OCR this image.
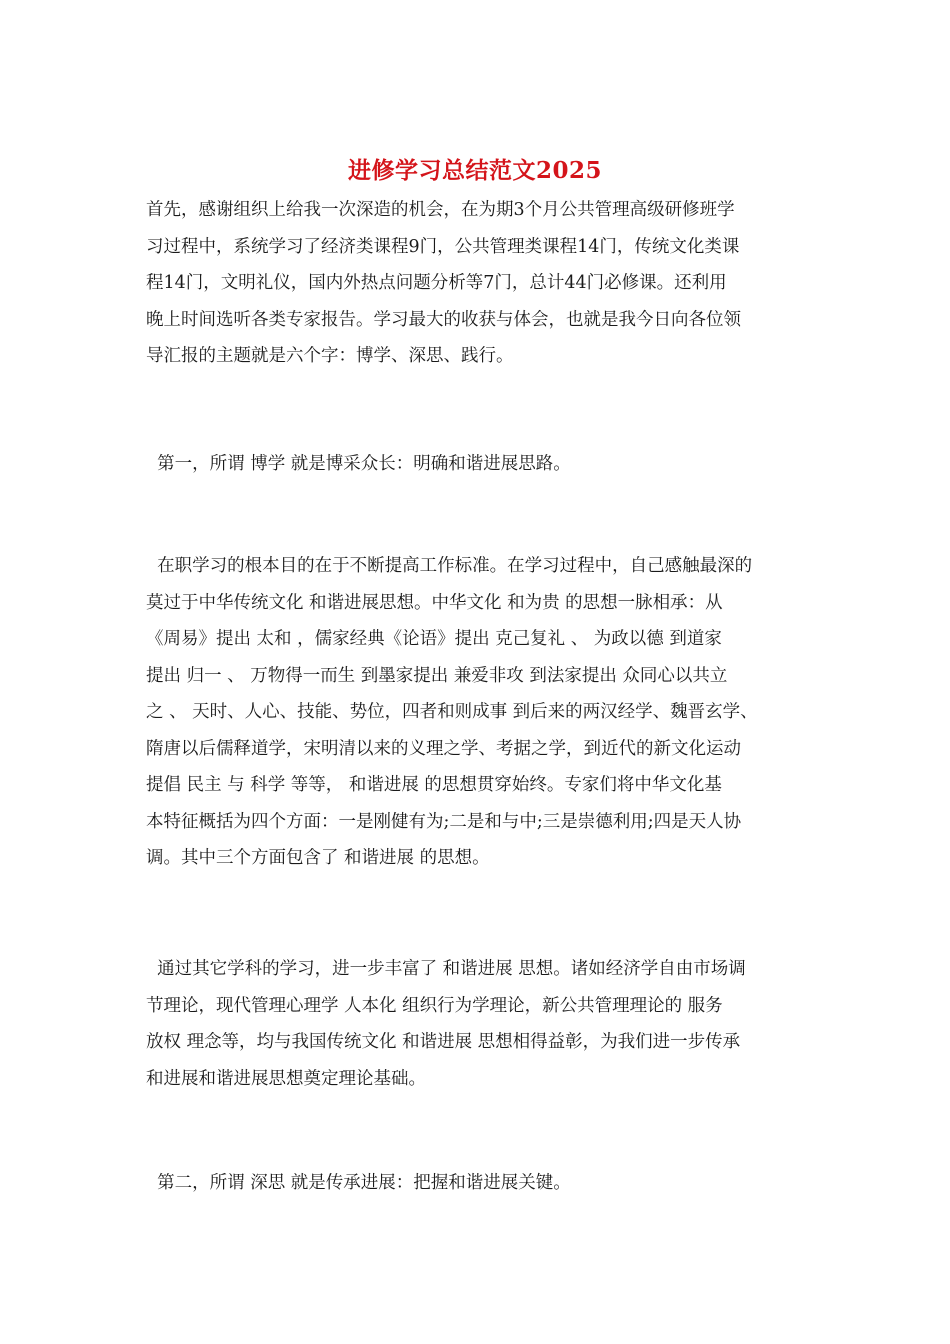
进修学习总结范文2025
首先，感谢组织上给我一次深造的机会，在为期3个月公共管理高级研修班学
习过程中，系统学习了经济类课程9门，公共管理类课程14门，传统文化类课
程14门，文明礼仪，国内外热点问题分析等7门，总计44门必修课。还利用
晚上时间选听各类专家报告。学习最大的收获与体会，也就是我今日向各位领
导汇报的主题就是六个字：博学、深思、践行。
第一，所谓 博学 就是博采众长：明确和谐进展思路。
在职学习的根本目的在于不断提高工作标准。在学习过程中，自己感触最深的
莫过于中华传统文化 和谐进展思想。中华文化 和为贵 的思想一脉相承：从
《周易》提出 太和 ，儒家经典《论语》提出 克己复礼 、 为政以德 到道家
提出 归一 、 万物得一而生 到墨家提出 兼爱非攻 到法家提出 众同心以共立
之 、 天时、人心、技能、势位，四者和则成事 到后来的两汉经学、魏晋玄学、
隋唐以后儒释道学，宋明清以来的义理之学、考据之学，到近代的新文化运动
提倡 民主 与 科学 等等， 和谐进展 的思想贯穿始终。专家们将中华文化基
本特征概括为四个方面：一是刚健有为;二是和与中;三是崇德利用;四是天人协
调。其中三个方面包含了 和谐进展 的思想。
通过其它学科的学习，进一步丰富了 和谐进展 思想。诸如经济学自由市场调
节理论，现代管理心理学 人本化 组织行为学理论，新公共管理理论的 服务
放权 理念等，均与我国传统文化 和谐进展 思想相得益彰，为我们进一步传承
和进展和谐进展思想奠定理论基础。
第二，所谓 深思 就是传承进展：把握和谐进展关键。
